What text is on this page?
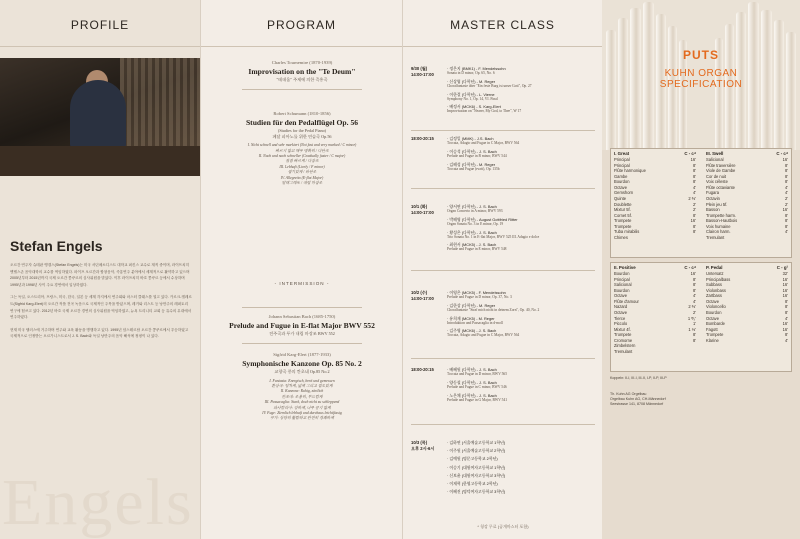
PROFILE
Stefan Engels

오르간 연주자 슈테판 엥겔스(Stefan Engels)는 미국 서던메소디스트 대학교 퍼킨스 교수로 재직 중이며, 라이프치히 멘델스존 음악대학의 교수를 역임하였다. 파이프 오르간과 합창음악, 즉흥연주 분야에서 세계적으로 활약하고 있으며 2005년부터 2015년까지 국제 오르간 콩쿠르의 심사위원을 맡았다. 이후 라이프치히 바흐 콩쿠르 등에서 수상하며 1995년과 1998년 사이 주요 경연에서 입상하였다.

그는 독일, 오스트리아, 프랑스, 미국, 한국, 일본 등 세계 각지에서 연주회와 마스터 클래스를 열고 있다. 카르크-엘레르트(Sigfrid Karg-Elert)의 오르간 작품 전곡 녹음으로 국제적인 주목을 받았으며, 레거와 리스트 등 낭만주의 레퍼토리 연구에 힘쓰고 있다. 2012년 바흐 국제 오르간 경연의 심사위원을 역임하였고, 뉴욕 트리니티 교회 등 유수의 무대에서 연주하였다.

현재 미국 댈러스에 거주하며 연주와 교육 활동을 병행하고 있다. 1995년 암스테르담 오르간 콩쿠르에서 우승하였고 국제적으로 인정받는 오르가니스트로서 J. S. Bach와 독일 낭만주의 음악 해석에 정평이 나 있다.

Engels
PROGRAM

Charles Tournemire (1870-1939)

Improvisation on the "Te Deum"

"테데움" 주제에 의한 즉흥곡

Robert Schumann (1810-1856)

Studien für den Pedalflügel Op. 56

(Studies for the Pedal Piano)

페달 피아노를 위한 연습곡 Op.56

I. Nicht schnell und sehr markiert (Not fast and very marked / C minor)
빠르지 않고 매우 명확히 / 다단조
II. Nach und nach schneller (Gradually faster / C major)
점점 빠르게 / 다장조
III. Lebhaft (Lively / F minor)
생기있게 / 바단조
IV. Allegretto (E-flat Major)
알레그레토 / 내림 마장조
- INTERMISSION -

Johann Sebastian Bach (1685-1750)

Prelude and Fugue in E-flat Major BWV 552

전주곡과 푸가 내림 마장조 BWV 552

Sigfrid Karg-Elert (1877-1933)

Symphonische Kanzone Op. 85 No. 2

교향곡 풍의 칸초네 Op.85 No.2

I. Fantasia: Energisch, breit und gemessen
환상곡: 힘차게, 넓게 그리고 절도있게
II. Kanzone: Ruhig, zärtlich
칸초네: 조용히, 부드럽게
III. Passacaglia: Stark, doch nicht zu schleppend
파사칼리아: 강하게, 너무 끌지 않게
IV. Fuge: Ziemlich lebhaft und durchaus leichtfüssig
푸가: 상당히 활발하고 완전히 경쾌하게
MASTER CLASS
9/30 (월)
14:00-17:00
· 정은지 (BMK1) - F. Mendelssohn
Sonata in D minor, Op. 65, No. 6
· 신상엽 (다학년) - M. Reger
Choralfantasie über "Ein feste Burg ist unser Gott", Op. 27
· 이한결 (다학년) - L. Vierne
Symphony No. 1, Op. 14, VI. Final
· 배정서 (MCK6) - S. Karg-Elert
Improvisation on "Nearer, My God, to Thee", W 17
18:00-20:15	· 김정일 (MMK) - J.S. Bach
Toccata, Adagio and Fugue in C Major, BWV 564
· 이승석 (다학년) - J. S. Bach
Prelude and Fugue in B minor, BWV 544
· 김해성 (다학년) - M. Reger
Toccata and Fugue (rwrtt), Op. 135b
10/1 (화)
14:00-17:00
· 양서연 (다학년) - J. S. Bach
Organ Concerto in A minor, BWV 593
· 박해영 (다학년) - August Gottfried Ritter
Organ Sonata No. 3 in E minor, Op. 19
· 황성은 (다학년) - J. S. Bach
Trio Sonata No. 1 in E-flat Major, BWV 525 III. Adagio e dolce
· 최현서 (MCK5) - J. S. Bach
Prelude and Fugue in E minor, BWV 548
10/2 (수)
14:00-17:00
· 이영은 (MCK5) - F. Mendelssohn
Prelude and Fugue in D minor, Op. 37, No. 3
· 김한상 (다학년) - M. Reger
Choralfantasie "Straf mich nicht in deinem Zorn", Op. 40, No. 2
· 유희재 (MCK5) - M. Reger
Introduktion und Passacaglia in d-moll
· 김주영 (MCK6) - J. S. Bach
Toccata, Adagio and Fugue in C Major, BWV 564
18:00-20:15	· 배혜원 (다학년) - J. S. Bach
Toccata and Fugue in D minor, BWV 565
· 양동철 (다학년) - J. S. Bach
Prelude and Fugue in C minor, BWV 546
· 노은채 (다학년) - J. S. Bach
Prelude and Fugue in G Major, BWV 541
10/3 (목)
오후 2시-6시
· 김하연 (서울예술고등학교 1학년)
· 이주원 (서울예술고등학교 2학년)
· 김예원 (명문고등학교 2학년)
· 이승기 (대원여자고등학교 1학년)
· 신보윤 (대원여자고등학교 3학년)
· 이재혁 (한영고등학교 2학년)
· 이혜진 (명덕여자고등학교 3학년)
* 청강 무료 (공개마스터 포함)
PUTS
KUHN ORGAN
SPECIFICATION
I. Great	C - c⁴
Principal	16'
Principal	8'
Flûte harmonique	8'
Gambe	8'
Bourdon	8'
Octave	4'
Gemshorn	4'
Quinte	2 ⅔'
Doublette	2'
Mixtur 5f.	2'
Cornet 5f.	8'
Trompete	16'
Trompete	8'
Tuba mirabilis	8'
Chimes
III. Swell	C - c⁴
Salicional	16'
Flûte traversière	8'
Viole de Gambe	8'
Cor de nuit	8'
Voix céleste	8'
Flûte octaviante	4'
Fugara	4'
Octavin	2'
Plein jeu 5f.	2'
Basson	16'
Trompette harm.	8'
Basson-Hautbois	8'
Voix humaine	8'
Clairon harm.	4'
Tremulant
II. Positive	C - c⁴
Bourdon	16'
Principal	8'
Salicional	8'
Bourdon	8'
Octave	4'
Flûte d'amour	4'
Nazard	2 ⅔'
Octave	2'
Tierce	1 ⅗'
Piccolo	1'
Mixtur 4f.	1 ⅓'
Trompete	8'
Cromorne	8'
Zimbelstern
Tremulant
P. Pedal	C - g¹
Untersatz	32'
Principalbass	16'
Subbass	16'
Violonbass	16'
Zartbass	16'
Octave	8'
Violoncello	8'
Bourdon	8'
Octave	4'
Bombarde	16'
Fagott	16'
Trompete	8'
Klarine	4'
Koppeln: II-I, III-I, III-II, I-P, II-P, III-P
Th. Kuhn AG Orgelbau
Orgelbau Kuhn AG, CH-Männedorf
Seestrasse 141, 8708 Männedorf
